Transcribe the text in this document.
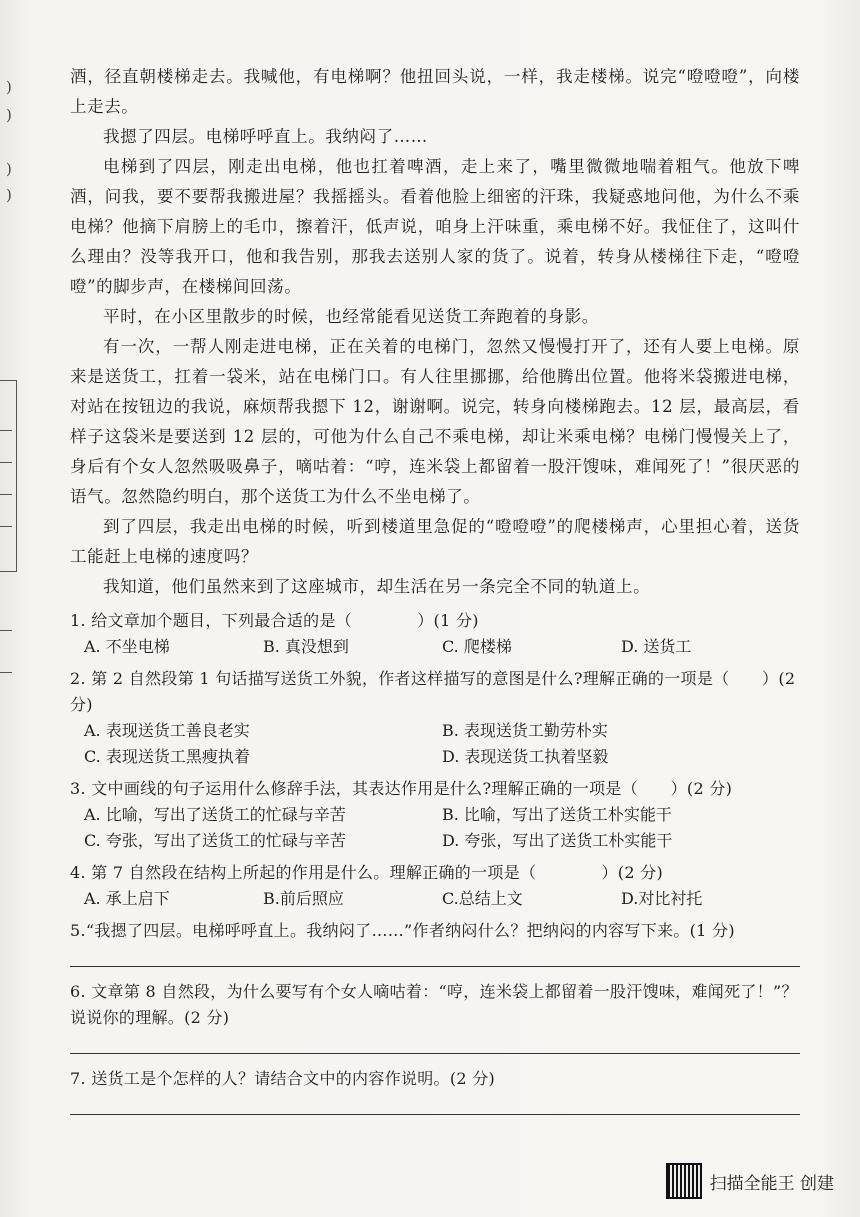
)
)
)
)

酒，径直朝楼梯走去。我喊他，有电梯啊？他扭回头说，一样，我走楼梯。说完“噔噔噔”，向楼上走去。

我摁了四层。电梯呼呼直上。我纳闷了……

电梯到了四层，刚走出电梯，他也扛着啤酒，走上来了，嘴里微微地喘着粗气。他放下啤酒，问我，要不要帮我搬进屋？我摇摇头。看着他脸上细密的汗珠，我疑惑地问他，为什么不乘电梯？他摘下肩膀上的毛巾，擦着汗，低声说，咱身上汗味重，乘电梯不好。我怔住了，这叫什么理由？没等我开口，他和我告别，那我去送别人家的货了。说着，转身从楼梯往下走，“噔噔噔”的脚步声，在楼梯间回荡。

平时，在小区里散步的时候，也经常能看见送货工奔跑着的身影。

有一次，一帮人刚走进电梯，正在关着的电梯门，忽然又慢慢打开了，还有人要上电梯。原来是送货工，扛着一袋米，站在电梯门口。有人往里挪挪，给他腾出位置。他将米袋搬进电梯，对站在按钮边的我说，麻烦帮我摁下 12，谢谢啊。说完，转身向楼梯跑去。12 层，最高层，看样子这袋米是要送到 12 层的，可他为什么自己不乘电梯，却让米乘电梯？电梯门慢慢关上了，身后有个女人忽然吸吸鼻子，嘀咕着：“哼，连米袋上都留着一股汗馊味，难闻死了！”很厌恶的语气。忽然隐约明白，那个送货工为什么不坐电梯了。

到了四层，我走出电梯的时候，听到楼道里急促的“噔噔噔”的爬楼梯声，心里担心着，送货工能赶上电梯的速度吗？

我知道，他们虽然来到了这座城市，却生活在另一条完全不同的轨道上。

1. 给文章加个题目，下列最合适的是（　　　　）(1 分)

A. 不坐电梯	B. 真没想到	C. 爬楼梯	D. 送货工

2. 第 2 自然段第 1 句话描写送货工外貌，作者这样描写的意图是什么?理解正确的一项是（　　）(2 分)

A. 表现送货工善良老实	B. 表现送货工勤劳朴实
C. 表现送货工黑瘦执着	D. 表现送货工执着坚毅

3. 文中画线的句子运用什么修辞手法，其表达作用是什么?理解正确的一项是（　　）(2 分)

A. 比喻，写出了送货工的忙碌与辛苦	B. 比喻，写出了送货工朴实能干
C. 夸张，写出了送货工的忙碌与辛苦	D. 夸张，写出了送货工朴实能干

4. 第 7 自然段在结构上所起的作用是什么。理解正确的一项是（　　　　）(2 分)

A. 承上启下	B.前后照应	C.总结上文	D.对比衬托

5.“我摁了四层。电梯呼呼直上。我纳闷了……”作者纳闷什么？把纳闷的内容写下来。(1 分)

6. 文章第 8 自然段，为什么要写有个女人嘀咕着：“哼，连米袋上都留着一股汗馊味，难闻死了！”？说说你的理解。(2 分)

7. 送货工是个怎样的人？请结合文中的内容作说明。(2 分)

扫描全能王 创建
